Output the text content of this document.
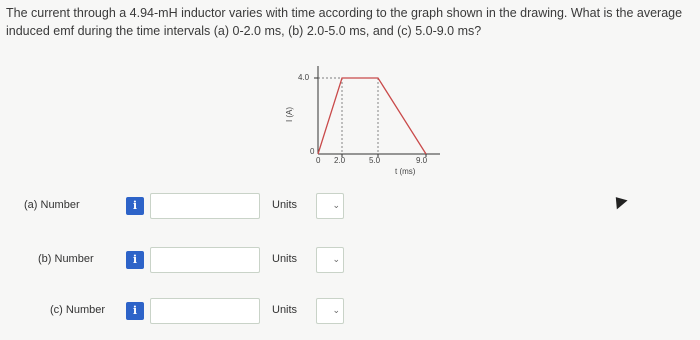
The current through a 4.94-mH inductor varies with time according to the graph shown in the drawing. What is the average induced emf during the time intervals (a) 0-2.0 ms, (b) 2.0-5.0 ms, and (c) 5.0-9.0 ms?
4.0
0
0
I (A)
2.0	5.0	9.0
t (ms)
(a) Number	i	Units	⌄
(b) Number	i	Units	⌄
(c) Number	i	Units	⌄
